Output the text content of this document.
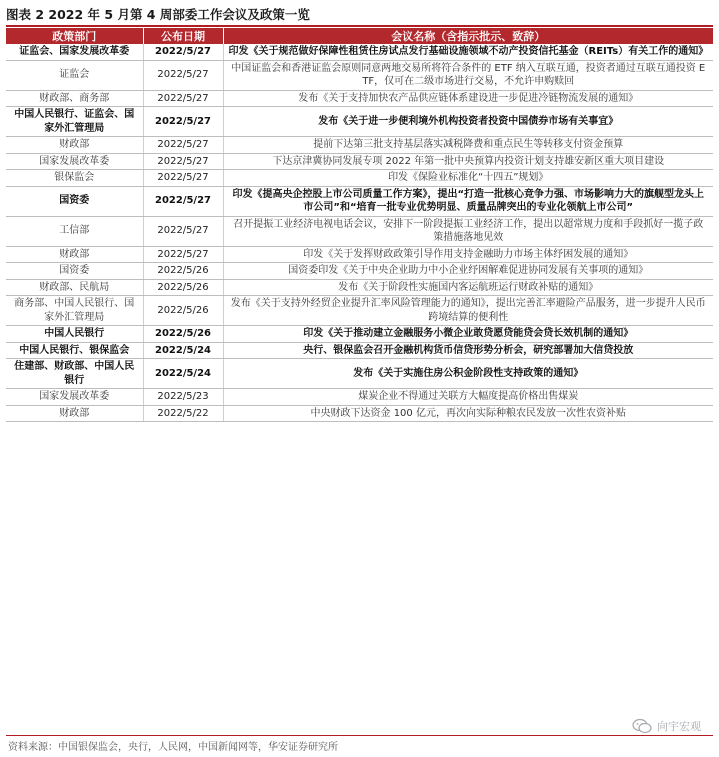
图表 2 2022 年 5 月第 4 周部委工作会议及政策一览
政策部门	公布日期	会议名称（含指示批示、致辞）
证监会、国家发展改革委	2022/5/27	印发《关于规范做好保障性租赁住房试点发行基础设施领域不动产投资信托基金（REITs）有关工作的通知》
证监会	2022/5/27	中国证监会和香港证监会原则同意两地交易所将符合条件的 ETF 纳入互联互通，投资者通过互联互通投资 ETF，仅可在二级市场进行交易，不允许申购赎回
财政部、商务部	2022/5/27	发布《关于支持加快农产品供应链体系建设进一步促进冷链物流发展的通知》
中国人民银行、证监会、国家外汇管理局	2022/5/27	发布《关于进一步便利境外机构投资者投资中国债券市场有关事宜》
财政部	2022/5/27	提前下达第三批支持基层落实减税降费和重点民生等转移支付资金预算
国家发展改革委	2022/5/27	下达京津冀协同发展专项 2022 年第一批中央预算内投资计划支持雄安新区重大项目建设
银保监会	2022/5/27	印发《保险业标准化“十四五”规划》
国资委	2022/5/27	印发《提高央企控股上市公司质量工作方案》，提出“打造一批核心竞争力强、市场影响力大的旗舰型龙头上市公司”和“培育一批专业优势明显、质量品牌突出的专业化领航上市公司”
工信部	2022/5/27	召开提振工业经济电视电话会议，安排下一阶段提振工业经济工作，提出以超常规力度和手段抓好一揽子政策措施落地见效
财政部	2022/5/27	印发《关于发挥财政政策引导作用支持金融助力市场主体纾困发展的通知》
国资委	2022/5/26	国资委印发《关于中央企业助力中小企业纾困解难促进协同发展有关事项的通知》
财政部、民航局	2022/5/26	发布《关于阶段性实施国内客运航班运行财政补贴的通知》
商务部、中国人民银行、国家外汇管理局	2022/5/26	发布《关于支持外经贸企业提升汇率风险管理能力的通知》，提出完善汇率避险产品服务，进一步提升人民币跨境结算的便利性
中国人民银行	2022/5/26	印发《关于推动建立金融服务小微企业敢贷愿贷能贷会贷长效机制的通知》
中国人民银行、银保监会	2022/5/24	央行、银保监会召开金融机构货币信贷形势分析会，研究部署加大信贷投放
住建部、财政部、中国人民银行	2022/5/24	发布《关于实施住房公积金阶段性支持政策的通知》
国家发展改革委	2022/5/23	煤炭企业不得通过关联方大幅度提高价格出售煤炭
财政部	2022/5/22	中央财政下达资金 100 亿元，再次向实际种粮农民发放一次性农资补贴
资料来源：中国银保监会，央行，人民网，中国新闻网等，华安证券研究所
向宇宏观
